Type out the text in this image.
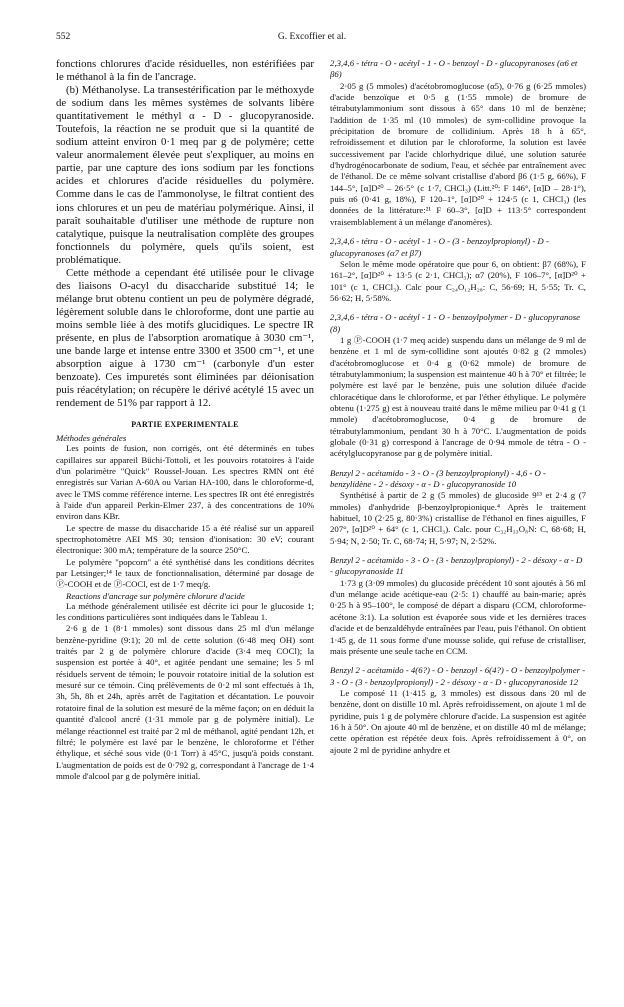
552	G. Excoffier et al.

fonctions chlorures d'acide résiduelles, non estérifiées par le méthanol à la fin de l'ancrage.

(b) Méthanolyse. La transestérification par le méthoxyde de sodium dans les mêmes systèmes de solvants libère quantitativement le méthyl α - D - glucopyranoside. Toutefois, la réaction ne se produit que si la quantité de sodium atteint environ 0·1 meq par g de polymère; cette valeur anormalement élevée peut s'expliquer, au moins en partie, par une capture des ions sodium par les fonctions acides et chlorures d'acide résiduelles du polymère. Comme dans le cas de l'ammonolyse, le filtrat contient des ions chlorures et un peu de matériau polymérique. Ainsi, il paraît souhaitable d'utiliser une méthode de rupture non catalytique, puisque la neutralisation complète des groupes fonctionnels du polymère, quels qu'ils soient, est problématique.

Cette méthode a cependant été utilisée pour le clivage des liaisons O-acyl du disaccharide substitué 14; le mélange brut obtenu contient un peu de polymère dégradé, légèrement soluble dans le chloroforme, dont une partie au moins semble liée à des motifs glucidiques. Le spectre IR présente, en plus de l'absorption aromatique à 3030 cm⁻¹, une bande large et intense entre 3300 et 3500 cm⁻¹, et une absorption aigue à 1730 cm⁻¹ (carbonyle d'un ester benzoate). Ces impuretés sont éliminées par déionisation puis réacétylation; on récupère le dérivé acétylé 15 avec un rendement de 51% par rapport à 12.

PARTIE EXPERIMENTALE

Méthodes générales

Les points de fusion, non corrigés, ont été déterminés en tubes capillaires sur appareil Büchi-Tottoli, et les pouvoirs rotatoires à l'aide d'un polarimètre "Quick" Roussel-Jouan. Les spectres RMN ont été enregistrés sur Varian A-60A ou Varian HA-100, dans le chloroforme-d, avec le TMS comme référence interne. Les spectres IR ont été enregistrés à l'aide d'un appareil Perkin-Elmer 237, à des concentrations de 10% environ dans KBr.

Le spectre de masse du disaccharide 15 a été réalisé sur un appareil spectrophotomètre AEI MS 30; tension d'ionisation: 30 eV; courant électronique: 300 mA; température de la source 250°C.

Le polymère "popcorn" a été synthétisé dans les conditions décrites par Letsinger;¹⁴ le taux de fonctionnalisation, déterminé par dosage de Ⓟ-COOH et de Ⓟ-COCl, est de 1·7 meq/g.

Reactions d'ancrage sur polymère chlorure d'acide

La méthode généralement utilisée est décrite ici pour le glucoside 1; les conditions particulières sont indiquées dans le Tableau 1.

2·6 g de 1 (8·1 mmoles) sont dissous dans 25 ml d'un mélange benzène-pyridine (9:1); 20 ml de cette solution (6·48 meq OH) sont traités par 2 g de polymère chlorure d'acide (3·4 meq COCl); la suspension est portée à 40°, et agitée pendant une semaine; les 5 ml résiduels servent de témoin; le pouvoir rotatoire initial de la solution est mesuré sur ce témoin. Cinq prélèvements de 0·2 ml sont effectués à 1h, 3h, 5h, 8h et 24h, après arrêt de l'agitation et décantation. Le pouvoir rotatoire final de la solution est mesuré de la même façon; on en déduit la quantité d'alcool ancré (1·31 mmole par g de polymère initial). Le mélange réactionnel est traité par 2 ml de méthanol, agité pendant 12h, et filtré; le polymère est lavé par le benzène, le chloroforme et l'éther éthylique, et séché sous vide (0·1 Torr) à 45°C, jusqu'à poids constant. L'augmentation de poids est de 0·792 g, correspondant à l'ancrage de 1·4 mmole d'alcool par g de polymère initial.

2,3,4,6 - tétra - O - acétyl - 1 - O - benzoyl - D - glucopyranoses (α6 et β6)

2·05 g (5 mmoles) d'acétobromoglucose (α5), 0·76 g (6·25 mmoles) d'acide benzoïque et 0·5 g (1·55 mmole) de bromure de tétrabutylammonium sont dissous à 65° dans 10 ml de benzène; l'addition de 1·35 ml (10 mmoles) de sym-collidine provoque la précipitation de bromure de collidinium. Après 18 h à 65°, refroidissement et dilution par le chloroforme, la solution est lavée successivement par l'acide chlorhydrique dilué, une solution saturée d'hydrogénocarbonate de sodium, l'eau, et séchée par entraînement avec de l'éthanol. De ce même solvant cristallise d'abord β6 (1·5 g, 66%), F 144–5°, [α]D²⁰ – 26·5° (c 1·7, CHCl₃) (Litt.²⁰: F 146°, [α]D – 28·1°), puis α6 (0·41 g, 18%), F 120–1°, [α]D²⁰ + 124·5 (c 1, CHCl₃) (les données de la littérature:²¹ F 60–3°, [α]D + 113·5° correspondent vraisemblablement à un mélange d'anomères).

2,3,4,6 - tétra - O - acétyl - 1 - O - (3 - benzoylpropionyl) - D - glucopyranoses (α7 et β7)

Selon le même mode opératoire que pour 6, on obtient: β7 (68%), F 161–2°, [α]D²⁰ + 13·5 (c 2·1, CHCl₃); α7 (20%), F 106–7°, [α]D²⁰ + 101° (c 1, CHCl₃). Calc pour C₂₄O₁₂H₂₈: C, 56·69; H, 5·55; Tr. C, 56·62; H, 5·58%.

2,3,4,6 - tétra - O - acétyl - 1 - O - benzoylpolymer - D - glucopyranose (8)

1 g Ⓟ-COOH (1·7 meq acide) suspendu dans un mélange de 9 ml de benzène et 1 ml de sym-collidine sont ajoutés 0·82 g (2 mmoles) d'acétobromoglucose et 0·4 g (0·62 mmole) de bromure de tétrabutylammonium; la suspension est maintenue 40 h à 70° et filtrée; le polymère est lavé par le benzène, puis une solution diluée d'acide chloracétique dans le chloroforme, et par l'éther éthylique. Le polymère obtenu (1·275 g) est à nouveau traité dans le même milieu par 0·41 g (1 mmole) d'acétobromoglucose, 0·4 g de bromure de tétrabutylammonium, pendant 30 h à 70°C. L'augmentation de poids globale (0·31 g) correspond à l'ancrage de 0·94 mmole de tétra - O - acétylglucopyranose par g de polymère initial.

Benzyl 2 - acétamido - 3 - O - (3 benzoylpropionyl) - 4,6 - O - benzylidène - 2 - désoxy - α - D - glucopyranoside 10

Synthétisé à partir de 2 g (5 mmoles) de glucoside 9¹³ et 2·4 g (7 mmoles) d'anhydride β-benzoylpropionique.⁴ Après le traitement habituel, 10 (2·25 g, 80·3%) cristallise de l'éthanol en fines aiguilles, F 207°, [α]D²⁰ + 64° (c 1, CHCl₃). Calc. pour C₃₂H₃₃O₈N: C, 68·68; H, 5·94; N, 2·50; Tr. C, 68·74; H, 5·97; N, 2·52%.

Benzyl 2 - acétamido - 3 - O - (3 - benzoylpropionyl) - 2 - désoxy - α - D - glucopyranoside 11

1·73 g (3·09 mmoles) du glucoside précédent 10 sont ajoutés à 56 ml d'un mélange acide acétique-eau (2·5: 1) chauffé au bain-marie; après 0·25 h à 95–100°, le composé de départ a disparu (CCM, chloroforme-acétone 3:1). La solution est évaporée sous vide et les dernières traces d'acide et de benzaldéhyde entraînées par l'eau, puis l'éthanol. On obtient 1·45 g, de 11 sous forme d'une mousse solide, qui refuse de cristalliser, mais présente une seule tache en CCM.

Benzyl 2 - acétamido - 4(6?) - O - benzoyl - 6(4?) - O - benzoylpolymer - 3 - O - (3 - benzoylpropionyl) - 2 - désoxy - α - D - glucopyranoside 12

Le composé 11 (1·415 g, 3 mmoles) est dissous dans 20 ml de benzène, dont on distille 10 ml. Après refroidissement, on ajoute 1 ml de pyridine, puis 1 g de polymère chlorure d'acide. La suspension est agitée 16 h à 50°. On ajoute 40 ml de benzène, et on distille 40 ml de mélange; cette opération est répétée deux fois. Après refroidissement à 0°, on ajoute 2 ml de pyridine anhydre et
